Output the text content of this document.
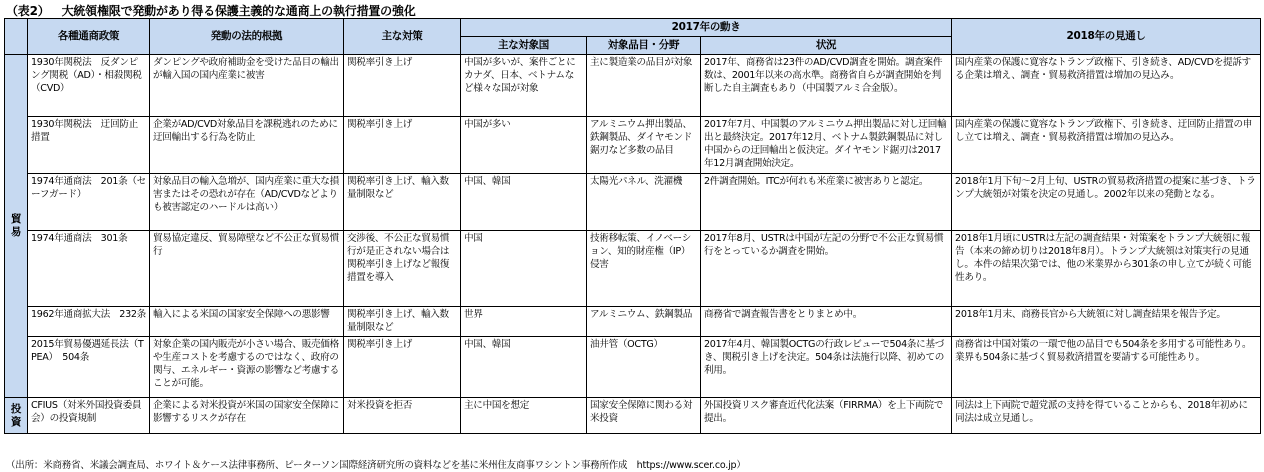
（表2） 大統領権限で発動があり得る保護主義的な通商上の執行措置の強化
	各種通商政策	発動の法的根拠	主な対策	2017年の動き			2018年の見通し
				主な対象国	対象品目・分野	状況	
貿易	1930年関税法　反ダンピング関税（AD）・相殺関税（CVD）	ダンピングや政府補助金を受けた品目の輸出が輸入国の国内産業に被害	関税率引き上げ	中国が多いが、案件ごとにカナダ、日本、ベトナムなど様々な国が対象	主に製造業の品目が対象	2017年、商務省は23件のAD/CVD調査を開始。調査案件数は、2001年以来の高水準。商務省自らが調査開始を判断した自主調査もあり（中国製アルミ合金版）。	国内産業の保護に寛容なトランプ政権下、引き続き、AD/CVDを提訴する企業は増え、調査・貿易救済措置は増加の見込み。
	1930年関税法　迂回防止措置	企業がAD/CVD対象品目を課税逃れのために迂回輸出する行為を防止	関税率引き上げ	中国が多い	アルミニウム押出製品、鉄鋼製品、ダイヤモンド鋸刃など多数の品目	2017年7月、中国製のアルミニウム押出製品に対し迂回輸出と最終決定。2017年12月、ベトナム製鉄鋼製品に対し中国からの迂回輸出と仮決定。ダイヤモンド鋸刃は2017年12月調査開始決定。	国内産業の保護に寛容なトランプ政権下、引き続き、迂回防止措置の申し立ては増え、調査・貿易救済措置は増加の見込み。
	1974年通商法　201条（セーフガード）	対象品目の輸入急増が、国内産業に重大な損害またはその恐れが存在（AD/CVDなどよりも被害認定のハードルは高い）	関税率引き上げ、輸入数量制限など	中国、韓国	太陽光パネル、洗濯機	2件調査開始。ITCが何れも米産業に被害ありと認定。	2018年1月下旬～2月上旬、USTRの貿易救済措置の提案に基づき、トランプ大統領が対策を決定の見通し。2002年以来の発動となる。
	1974年通商法　301条	貿易協定違反、貿易障壁など不公正な貿易慣行	交渉後、不公正な貿易慣行が是正されない場合は関税率引き上げなど報復措置を導入	中国	技術移転策、イノベーション、知的財産権（IP）侵害	2017年8月、USTRは中国が左記の分野で不公正な貿易慣行をとっているか調査を開始。	2018年1月頃にUSTRは左記の調査結果・対策案をトランプ大統領に報告（本来の締め切りは2018年8月）。トランプ大統領は対策実行の見通し。本件の結果次第では、他の米業界から301条の申し立てが続く可能性あり。
	1962年通商拡大法　232条	輸入による米国の国家安全保障への悪影響	関税率引き上げ、輸入数量制限など	世界	アルミニウム、鉄鋼製品	商務省で調査報告書をとりまとめ中。	2018年1月末、商務長官から大統領に対し調査結果を報告予定。
	2015年貿易優遇延長法（TPEA）　504条	対象企業の国内販売が小さい場合、販売価格や生産コストを考慮するのではなく、政府の関与、エネルギー・資源の影響など考慮することが可能。	関税率引き上げ	中国、韓国	油井管（OCTG）	2017年4月、韓国製OCTGの行政レビューで504条に基づき、関税引き上げを決定。504条は法施行以降、初めての利用。	商務省は中国対策の一環で他の品目でも504条を多用する可能性あり。業界も504条に基づく貿易救済措置を要請する可能性あり。
投資	CFIUS（対米外国投資委員会）の投資規制	企業による対米投資が米国の国家安全保障に影響するリスクが存在	対米投資を拒否	主に中国を想定	国家安全保障に関わる対米投資	外国投資リスク審査近代化法案（FIRRMA）を上下両院で提出。	同法は上下両院で超党派の支持を得ていることからも、2018年初めに同法は成立見通し。
（出所：米商務省、米議会調査局、ホワイト＆ケース法律事務所、ピーターソン国際経済研究所の資料などを基に米州住友商事ワシントン事務所作成　https://www.scer.co.jp）
